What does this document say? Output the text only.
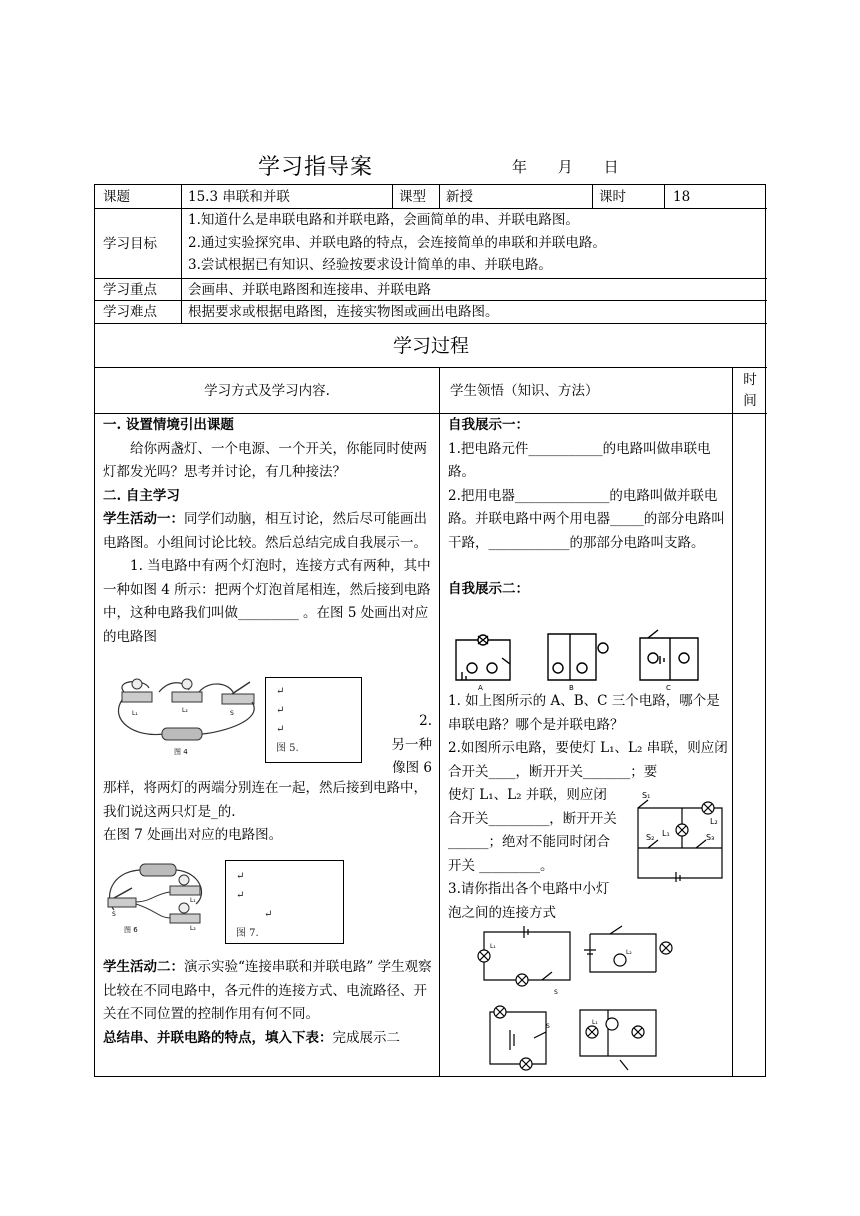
学习指导案	年 月 日
课题	15.3 串联和并联	课型	新授	课时	18
学习目标
1.知道什么是串联电路和并联电路，会画简单的串、并联电路图。
2.通过实验探究串、并联电路的特点，会连接简单的串联和并联电路。
3.尝试根据已有知识、经验按要求设计简单的串、并联电路。
学习重点	会画串、并联电路图和连接串、并联电路
学习难点	根据要求或根据电路图，连接实物图或画出电路图。
学习过程
学习方式及学习内容.	学生领悟（知识、方法）
时
间
一. 设置情境引出课题
给你两盏灯、一个电源、一个开关，你能同时使两灯都发光吗？思考并讨论，有几种接法？
二. 自主学习
学生活动一：同学们动脑，相互讨论，然后尽可能画出电路图。小组间讨论比较。然后总结完成自我展示一。
1. 当电路中有两个灯泡时，连接方式有两种，其中一种如图 4 所示：把两个灯泡首尾相连，然后接到电路中，这种电路我们叫做_________ 。在图 5 处画出对应的电路图
L₁	L₂	S
图 4
↵
↵
↵
图 5.
2.
另一种
像图 6
那样，将两灯的两端分别连在一起，然后接到电路中，我们说这两只灯是_的.
在图 7 处画出对应的电路图。
S
L₁
L₂
图 6
↵
↵
↵
图 7.
学生活动二：演示实验“连接串联和并联电路” 学生观察比较在不同电路中，各元件的连接方式、电流路径、开关在不同位置的控制作用有何不同。
总结串、并联电路的特点，填入下表：完成展示二
自我展示一：
1.把电路元件___________的电路叫做串联电路。
2.把用电器______________的电路叫做并联电路。并联电路中两个用电器_____的部分电路叫干路，____________的那部分电路叫支路。
自我展示二：
A	B	C
1. 如上图所示的 A、B、C 三个电路，哪个是串联电路？哪个是并联电路？
2.如图所示电路，要使灯 L₁、L₂ 串联，则应闭合开关____，断开开关_______；要
使灯 L₁、L₂ 并联，则应闭合开关_________，断开开关 ______；绝对不能同时闭合开关 _________。
3.请你指出各个电路中小灯泡之间的连接方式
S₁
L₂
L₁
S₂	S₃
L₁
L₂
S
L₁
S
